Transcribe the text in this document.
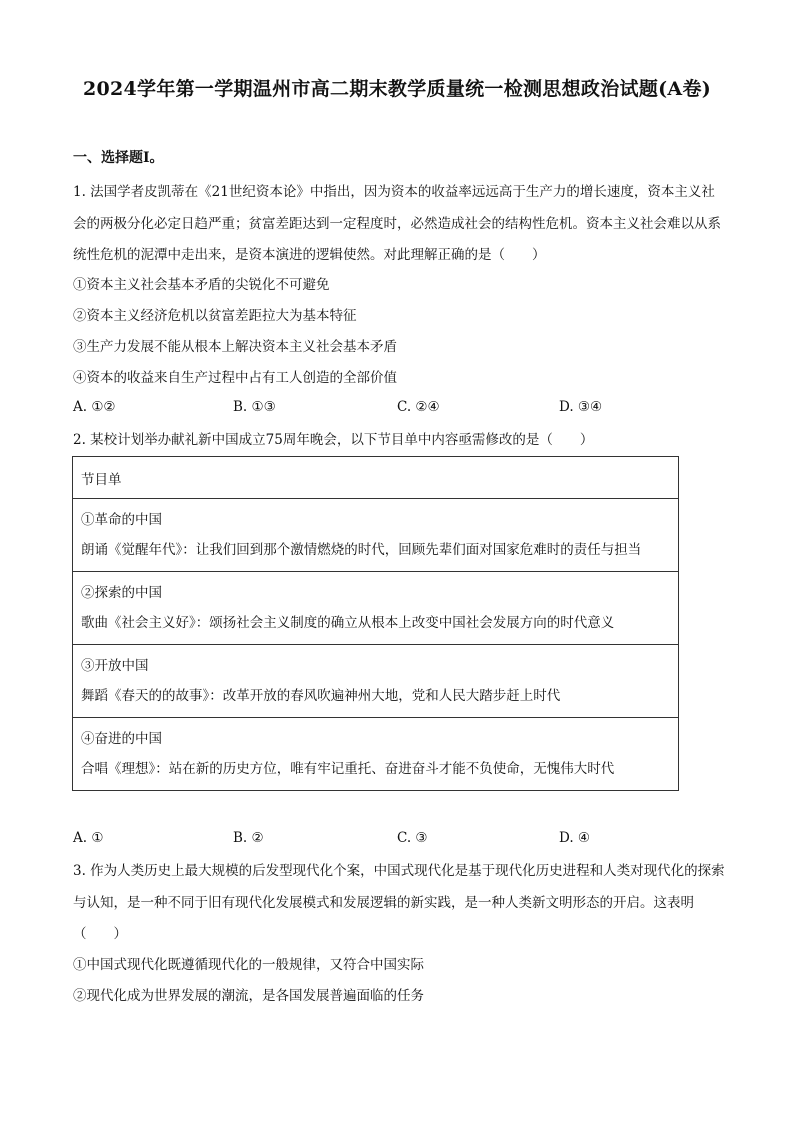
2024学年第一学期温州市高二期末教学质量统一检测思想政治试题(A卷)
一、选择题Ⅰ。
1. 法国学者皮凯蒂在《21世纪资本论》中指出，因为资本的收益率远远高于生产力的增长速度，资本主义社会的两极分化必定日趋严重；贫富差距达到一定程度时，必然造成社会的结构性危机。资本主义社会难以从系统性危机的泥潭中走出来，是资本演进的逻辑使然。对此理解正确的是（　　）
①资本主义社会基本矛盾的尖锐化不可避免
②资本主义经济危机以贫富差距拉大为基本特征
③生产力发展不能从根本上解决资本主义社会基本矛盾
④资本的收益来自生产过程中占有工人创造的全部价值
A. ①②	B. ①③	C. ②④	D. ③④
2. 某校计划举办献礼新中国成立75周年晚会，以下节目单中内容亟需修改的是（　　）
节目单

①革命的中国
朗诵《觉醒年代》：让我们回到那个激情燃烧的时代，回顾先辈们面对国家危难时的责任与担当

②探索的中国
歌曲《社会主义好》：颂扬社会主义制度的确立从根本上改变中国社会发展方向的时代意义

③开放中国
舞蹈《春天的的故事》：改革开放的春风吹遍神州大地，党和人民大踏步赶上时代

④奋进的中国
合唱《理想》：站在新的历史方位，唯有牢记重托、奋进奋斗才能不负使命，无愧伟大时代
A. ①	B. ②	C. ③	D. ④
3. 作为人类历史上最大规模的后发型现代化个案，中国式现代化是基于现代化历史进程和人类对现代化的探索与认知，是一种不同于旧有现代化发展模式和发展逻辑的新实践，是一种人类新文明形态的开启。这表明（　　）
①中国式现代化既遵循现代化的一般规律，又符合中国实际
②现代化成为世界发展的潮流，是各国发展普遍面临的任务
